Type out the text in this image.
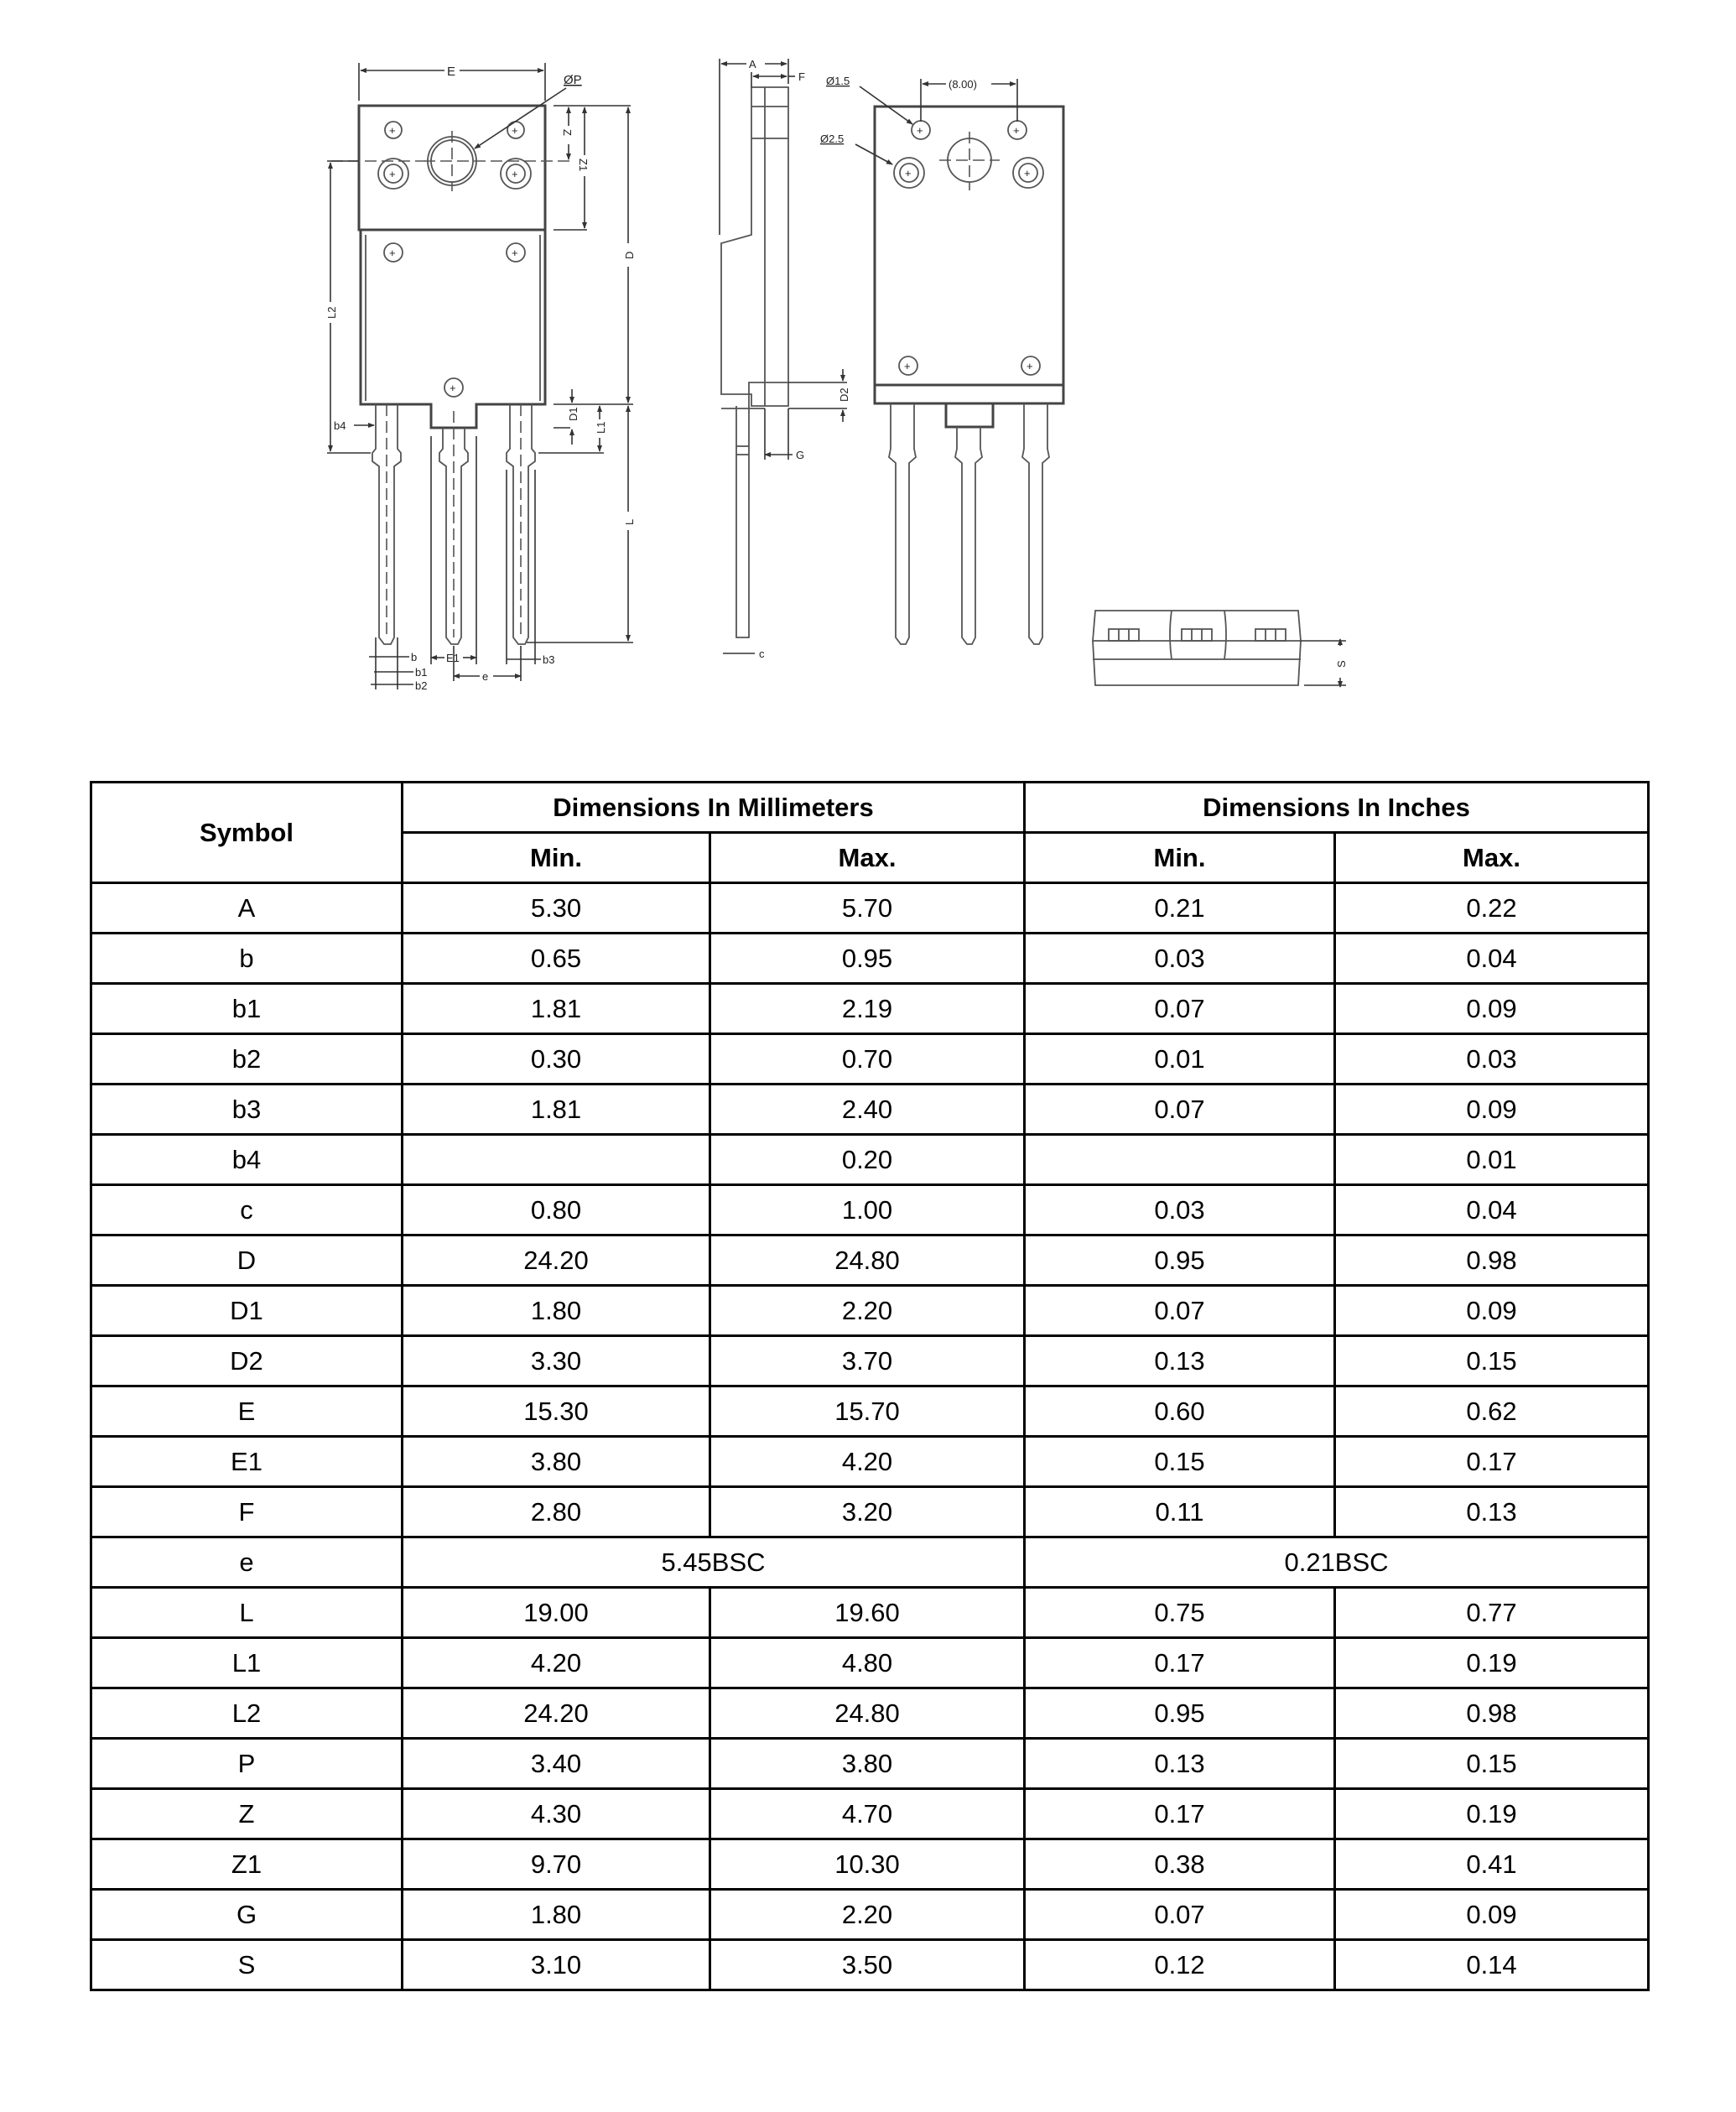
+	+
+	+
+	+
+
E
ØP
Z
Z1
D
L2
b4
D1
L1
L
b
b1
b2
E1
e
b3
A
F
D2
G
c
+	+
+	+
+	+
Ø1.5
Ø2.5
(8.00)
S
Symbol	Dimensions In Millimeters		Dimensions In Inches	
	Min.	Max.	Min.	Max.
A	5.30	5.70	0.21	0.22
b	0.65	0.95	0.03	0.04
b1	1.81	2.19	0.07	0.09
b2	0.30	0.70	0.01	0.03
b3	1.81	2.40	0.07	0.09
b4		0.20		0.01
c	0.80	1.00	0.03	0.04
D	24.20	24.80	0.95	0.98
D1	1.80	2.20	0.07	0.09
D2	3.30	3.70	0.13	0.15
E	15.30	15.70	0.60	0.62
E1	3.80	4.20	0.15	0.17
F	2.80	3.20	0.11	0.13
e	5.45BSC		0.21BSC	
L	19.00	19.60	0.75	0.77
L1	4.20	4.80	0.17	0.19
L2	24.20	24.80	0.95	0.98
P	3.40	3.80	0.13	0.15
Z	4.30	4.70	0.17	0.19
Z1	9.70	10.30	0.38	0.41
G	1.80	2.20	0.07	0.09
S	3.10	3.50	0.12	0.14
